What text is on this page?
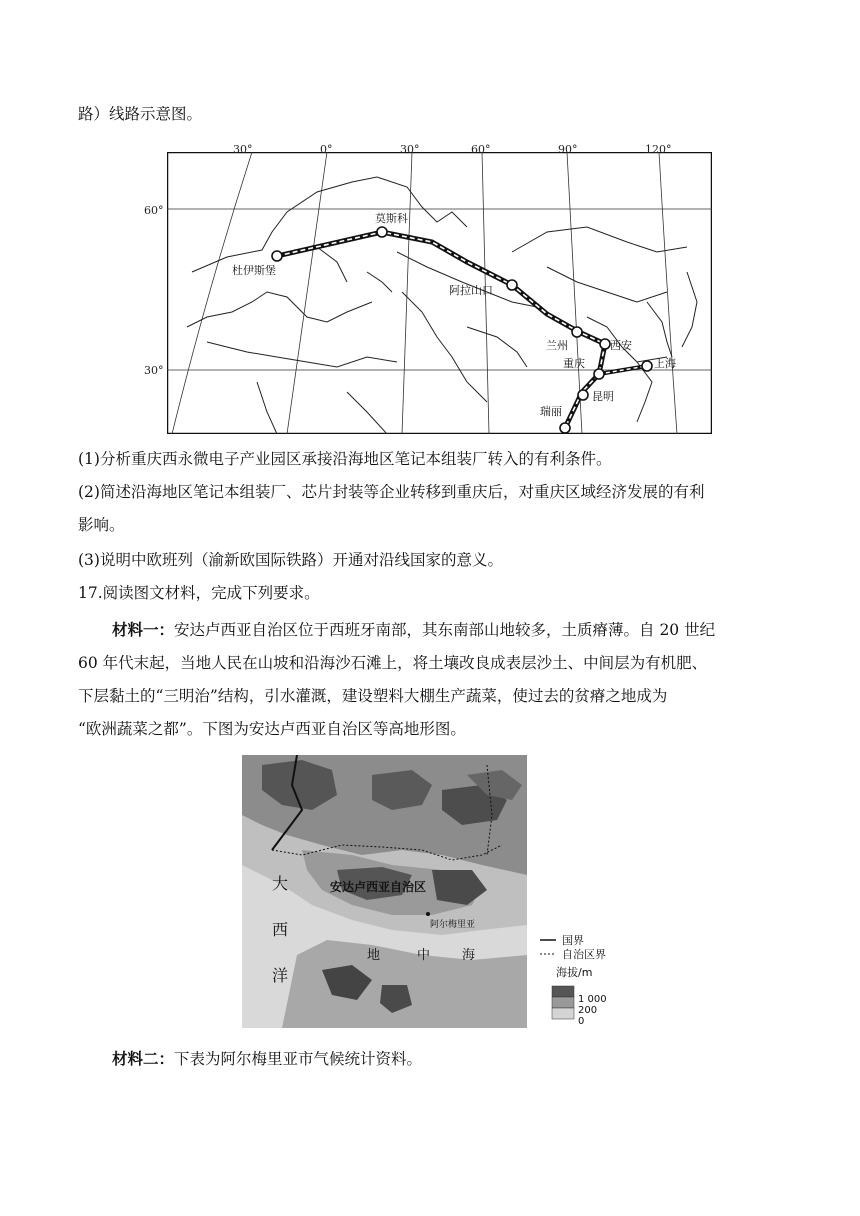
路）线路示意图。
杜伊斯堡
莫斯科
阿拉山口
兰州	西安
重庆	上海
昆明
瑞丽
30°	0°	30°	60°	90°	120°
60°
30°
(1)分析重庆西永微电子产业园区承接沿海地区笔记本组装厂转入的有利条件。
(2)简述沿海地区笔记本组装厂、芯片封装等企业转移到重庆后，对重庆区域经济发展的有利
影响。
(3)说明中欧班列（渝新欧国际铁路）开通对沿线国家的意义。
17.阅读图文材料，完成下列要求。
材料一：安达卢西亚自治区位于西班牙南部，其东南部山地较多，土质瘠薄。自 20 世纪
60 年代末起，当地人民在山坡和沿海沙石滩上，将土壤改良成表层沙土、中间层为有机肥、
下层黏土的“三明治”结构，引水灌溉，建设塑料大棚生产蔬菜，使过去的贫瘠之地成为
“欧洲蔬菜之都”。下图为安达卢西亚自治区等高地形图。
大
西
洋
地	中 海
安达卢西亚自治区
阿尔梅里亚
国界
自治区界
海拔/m
1 000
200
0
材料二：下表为阿尔梅里亚市气候统计资料。
